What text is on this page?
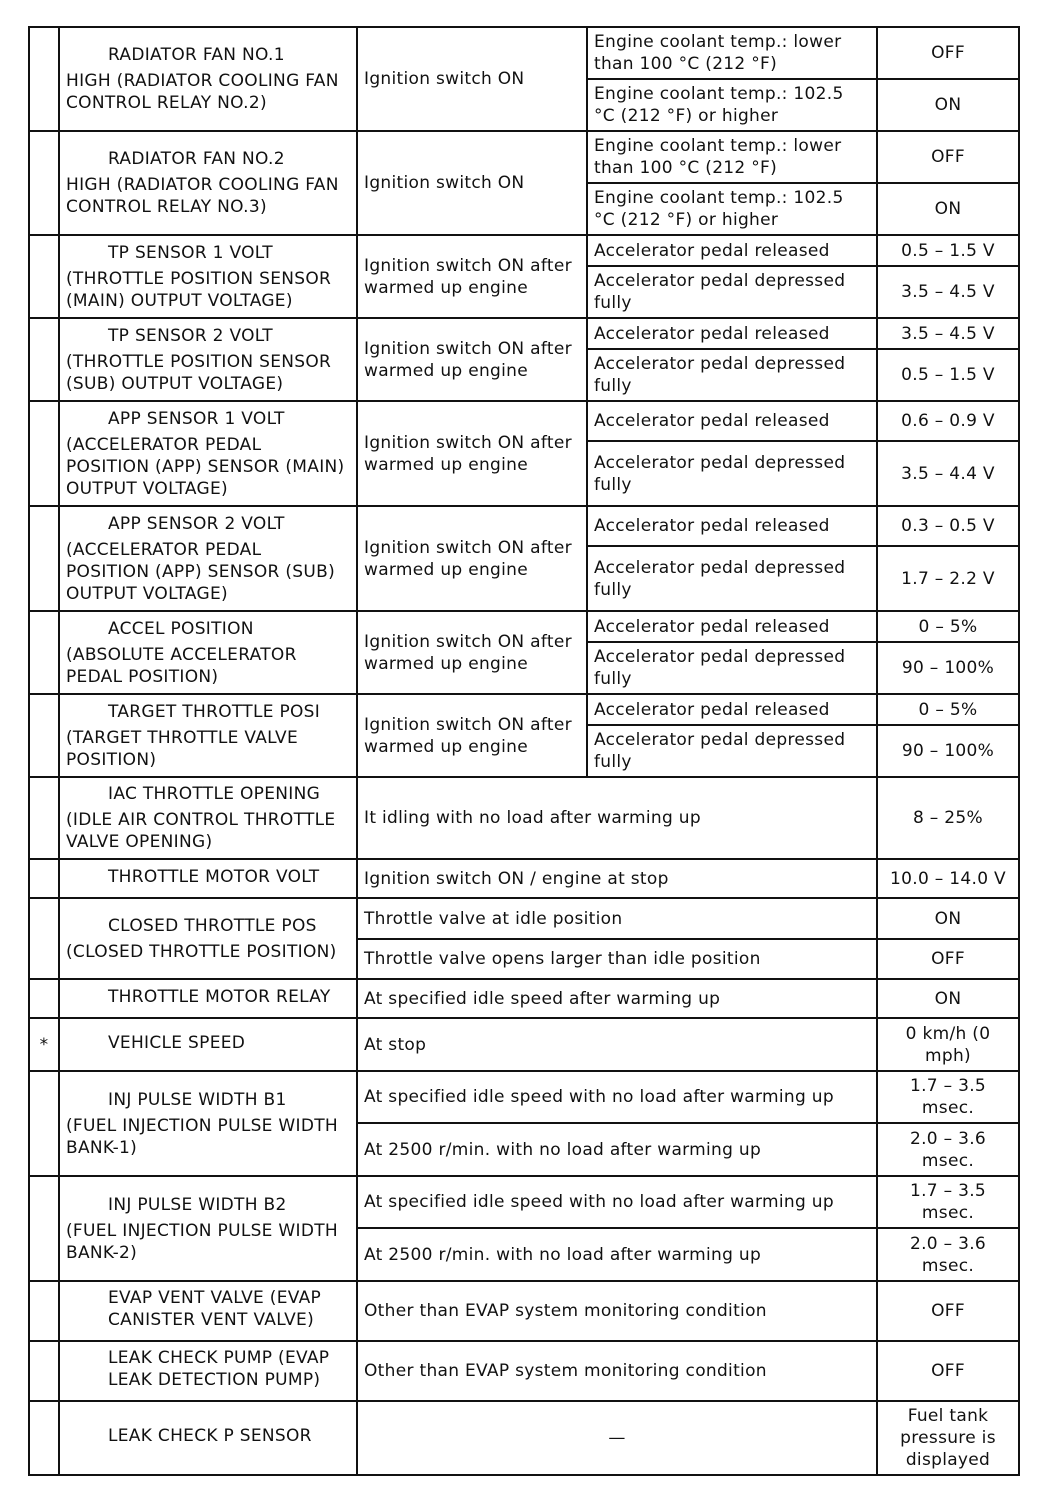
	RADIATOR FAN NO.1
HIGH (RADIATOR COOLING FAN CONTROL RELAY NO.2)	Ignition switch ON	Engine coolant temp.: lower than 100 °C (212 °F)	OFF
			Engine coolant temp.: 102.5 °C (212 °F) or higher	ON

	RADIATOR FAN NO.2
HIGH (RADIATOR COOLING FAN CONTROL RELAY NO.3)	Ignition switch ON	Engine coolant temp.: lower than 100 °C (212 °F)	OFF
			Engine coolant temp.: 102.5 °C (212 °F) or higher	ON

	TP SENSOR 1 VOLT
(THROTTLE POSITION SENSOR (MAIN) OUTPUT VOLTAGE)	Ignition switch ON after warmed up engine	Accelerator pedal released	0.5 – 1.5 V
			Accelerator pedal depressed fully	3.5 – 4.5 V

	TP SENSOR 2 VOLT
(THROTTLE POSITION SENSOR (SUB) OUTPUT VOLTAGE)	Ignition switch ON after warmed up engine	Accelerator pedal released	3.5 – 4.5 V
			Accelerator pedal depressed fully	0.5 – 1.5 V

	APP SENSOR 1 VOLT
(ACCELERATOR PEDAL POSITION (APP) SENSOR (MAIN) OUTPUT VOLTAGE)	Ignition switch ON after warmed up engine	Accelerator pedal released	0.6 – 0.9 V
			Accelerator pedal depressed fully	3.5 – 4.4 V

	APP SENSOR 2 VOLT
(ACCELERATOR PEDAL POSITION (APP) SENSOR (SUB) OUTPUT VOLTAGE)	Ignition switch ON after warmed up engine	Accelerator pedal released	0.3 – 0.5 V
			Accelerator pedal depressed fully	1.7 – 2.2 V

	ACCEL POSITION
(ABSOLUTE ACCELERATOR PEDAL POSITION)	Ignition switch ON after warmed up engine	Accelerator pedal released	0 – 5%
			Accelerator pedal depressed fully	90 – 100%

	TARGET THROTTLE POSI
(TARGET THROTTLE VALVE POSITION)	Ignition switch ON after warmed up engine	Accelerator pedal released	0 – 5%
			Accelerator pedal depressed fully	90 – 100%

	IAC THROTTLE OPENING
(IDLE AIR CONTROL THROTTLE VALVE OPENING)	It idling with no load after warming up		8 – 25%

	THROTTLE MOTOR VOLT	Ignition switch ON / engine at stop		10.0 – 14.0 V

	CLOSED THROTTLE POS
(CLOSED THROTTLE POSITION)	Throttle valve at idle position		ON
		Throttle valve opens larger than idle position		OFF

	THROTTLE MOTOR RELAY	At specified idle speed after warming up		ON
*	VEHICLE SPEED	At stop		0 km/h (0 mph)

	INJ PULSE WIDTH B1
(FUEL INJECTION PULSE WIDTH BANK-1)	At specified idle speed with no load after warming up		1.7 – 3.5 msec.
		At 2500 r/min. with no load after warming up		2.0 – 3.6 msec.

	INJ PULSE WIDTH B2
(FUEL INJECTION PULSE WIDTH BANK-2)	At specified idle speed with no load after warming up		1.7 – 3.5 msec.
		At 2500 r/min. with no load after warming up		2.0 – 3.6 msec.

	EVAP VENT VALVE (EVAP CANISTER VENT VALVE)	Other than EVAP system monitoring condition		OFF

	LEAK CHECK PUMP (EVAP LEAK DETECTION PUMP)	Other than EVAP system monitoring condition		OFF

	LEAK CHECK P SENSOR	—		Fuel tank pressure is displayed
